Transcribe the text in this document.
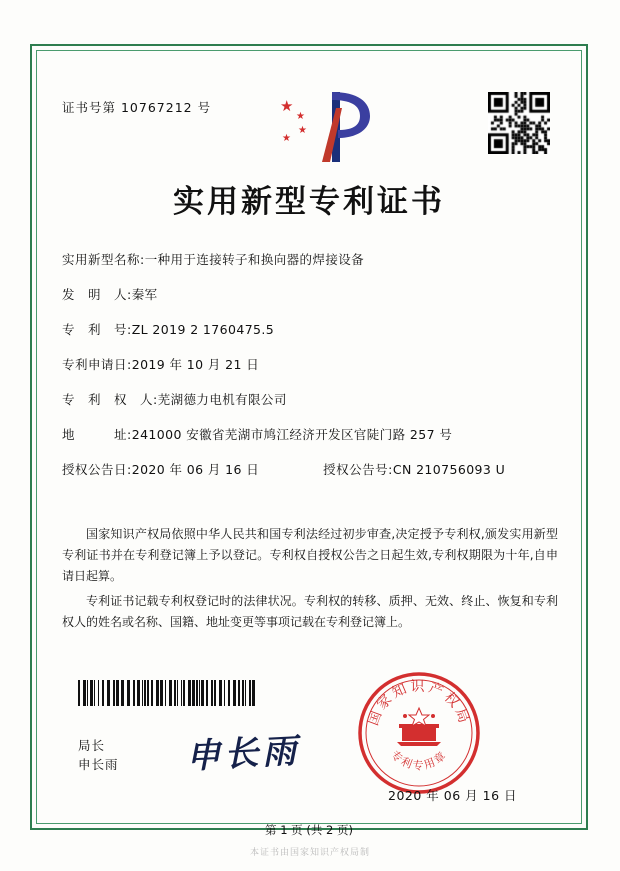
证书号第 10767212 号	★
★
★
★
实用新型专利证书
实用新型名称: 一种用于连接转子和换向器的焊接设备
发　明　人: 秦军
专　利　号: ZL 2019 2 1760475.5
专利申请日: 2019 年 10 月 21 日
专　利　权　人: 芜湖德力电机有限公司
地　　　址: 241000 安徽省芜湖市鸠江经济开发区官陡门路 257 号
授权公告日: 2020 年 06 月 16 日	授权公告号: CN 210756093 U

国家知识产权局依照中华人民共和国专利法经过初步审查,决定授予专利权,颁发实用新型专利证书并在专利登记簿上予以登记。专利权自授权公告之日起生效,专利权期限为十年,自申请日起算。

专利证书记载专利权登记时的法律状况。专利权的转移、质押、无效、终止、恢复和专利权人的姓名或名称、国籍、地址变更等事项记载在专利登记簿上。

局长
申长雨 申长雨
国家知识产权局
专利专用章
2020 年 06 月 16 日
第 1 页 (共 2 页)
本证书由国家知识产权局制
